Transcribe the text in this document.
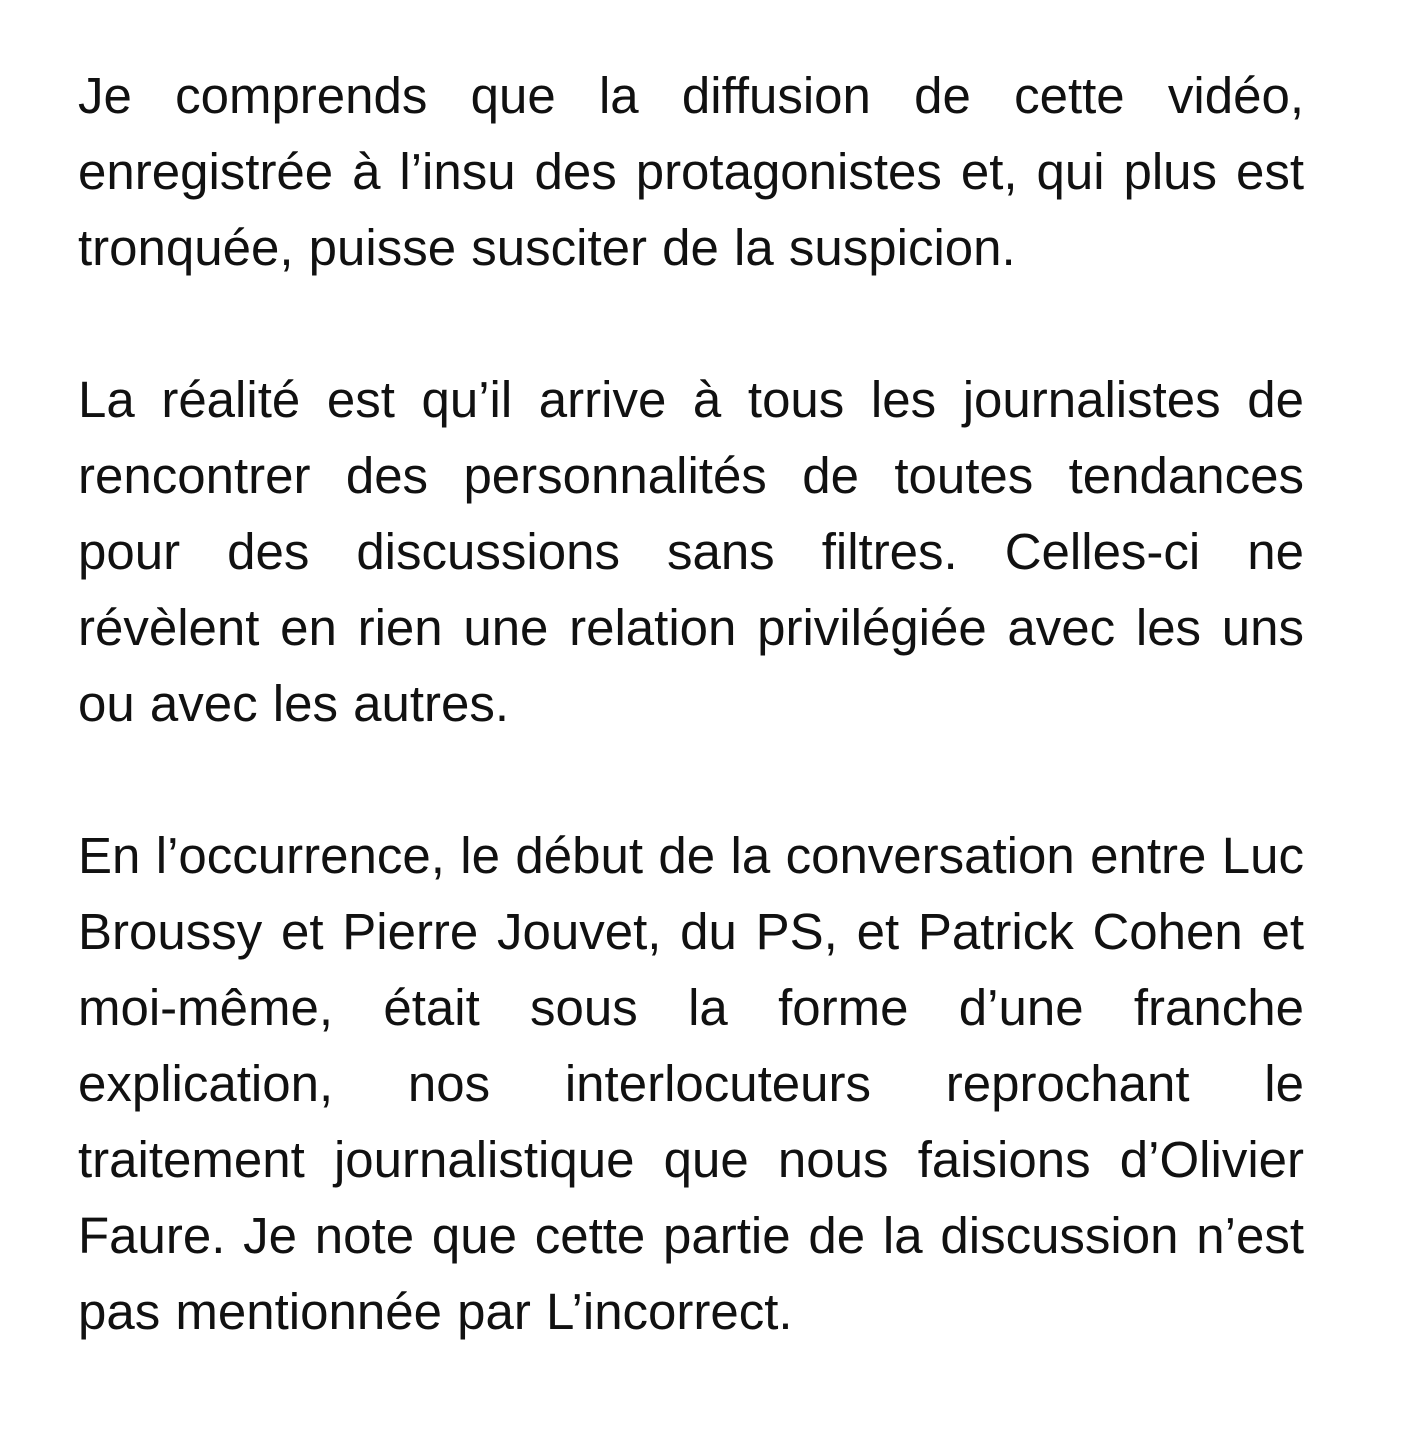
Je comprends que la diffusion de cette vidéo, enregistrée à l’insu des protagonistes et, qui plus est tronquée, puisse susciter de la suspicion.

La réalité est qu’il arrive à tous les journalistes de rencontrer des personnalités de toutes tendances pour des discussions sans filtres. Celles-ci ne révèlent en rien une relation privilégiée avec les uns ou avec les autres.

En l’occurrence, le début de la conversation entre Luc Broussy et Pierre Jouvet, du PS, et Patrick Cohen et moi-même, était sous la forme d’une franche explication, nos interlocuteurs reprochant le traitement journalistique que nous faisions d’Olivier Faure. Je note que cette partie de la discussion n’est pas mentionnée par L’incorrect.
